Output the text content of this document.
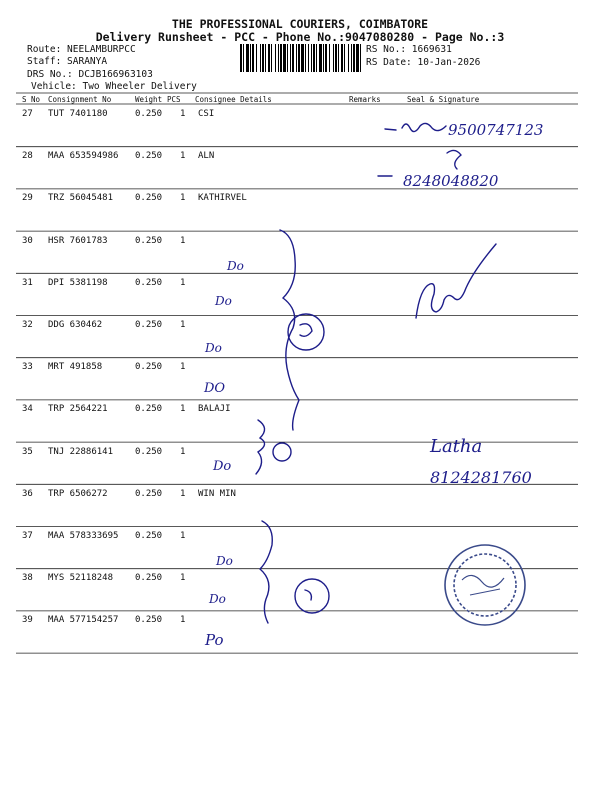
THE PROFESSIONAL COURIERS, COIMBATORE
Delivery Runsheet - PCC - Phone No.:9047080280 - Page No.:3
Route: NEELAMBURPCC
Staff: SARANYA
DRS No.: DCJB166963103
Vehicle: Two Wheeler Delivery
RS No.: 1669631
RS Date: 10-Jan-2026
S No Consignment No	Weight PCS Consignee Details	Remarks	Seal & Signature
27 TUT 7401180	0.250 1 CSI
28 MAA 653594986 0.250 1 ALN
29 TRZ 56045481 0.250 1 KATHIRVEL
30 HSR 7601783	0.250 1
31 DPI 5381198	0.250 1
32 DDG 630462	0.250 1
33 MRT 491858	0.250 1
34 TRP 2564221	0.250 1 BALAJI
35 TNJ 22886141 0.250 1
36 TRP 6506272	0.250 1 WIN MIN
37 MAA 578333695 0.250 1
38 MYS 52118248 0.250 1
39 MAA 577154257 0.250 1
9500747123
8248048820
Latha
8124281760
Do
Do
Do
DO
Do
Do
Do
Po
